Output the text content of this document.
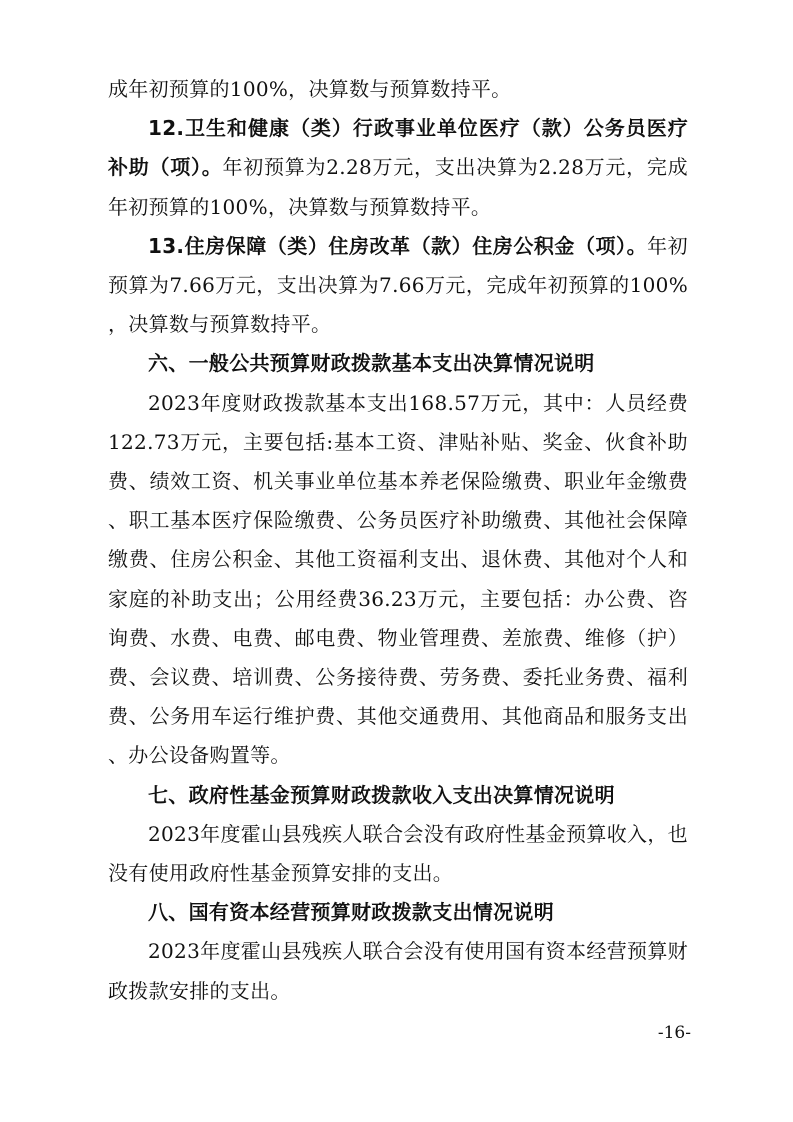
成年初预算的100%，决算数与预算数持平。

12.卫生和健康（类）行政事业单位医疗（款）公务员医疗补助（项）。年初预算为2.28万元，支出决算为2.28万元，完成年初预算的100%，决算数与预算数持平。

13.住房保障（类）住房改革（款）住房公积金（项）。年初预算为7.66万元，支出决算为7.66万元，完成年初预算的100%，决算数与预算数持平。

六、一般公共预算财政拨款基本支出决算情况说明

2023年度财政拨款基本支出168.57万元，其中：人员经费122.73万元，主要包括:基本工资、津贴补贴、奖金、伙食补助费、绩效工资、机关事业单位基本养老保险缴费、职业年金缴费、职工基本医疗保险缴费、公务员医疗补助缴费、其他社会保障缴费、住房公积金、其他工资福利支出、退休费、其他对个人和家庭的补助支出；公用经费36.23万元，主要包括：办公费、咨询费、水费、电费、邮电费、物业管理费、差旅费、维修（护）费、会议费、培训费、公务接待费、劳务费、委托业务费、福利费、公务用车运行维护费、其他交通费用、其他商品和服务支出、办公设备购置等。

七、政府性基金预算财政拨款收入支出决算情况说明

2023年度霍山县残疾人联合会没有政府性基金预算收入，也没有使用政府性基金预算安排的支出。

八、国有资本经营预算财政拨款支出情况说明

2023年度霍山县残疾人联合会没有使用国有资本经营预算财政拨款安排的支出。

-16-
